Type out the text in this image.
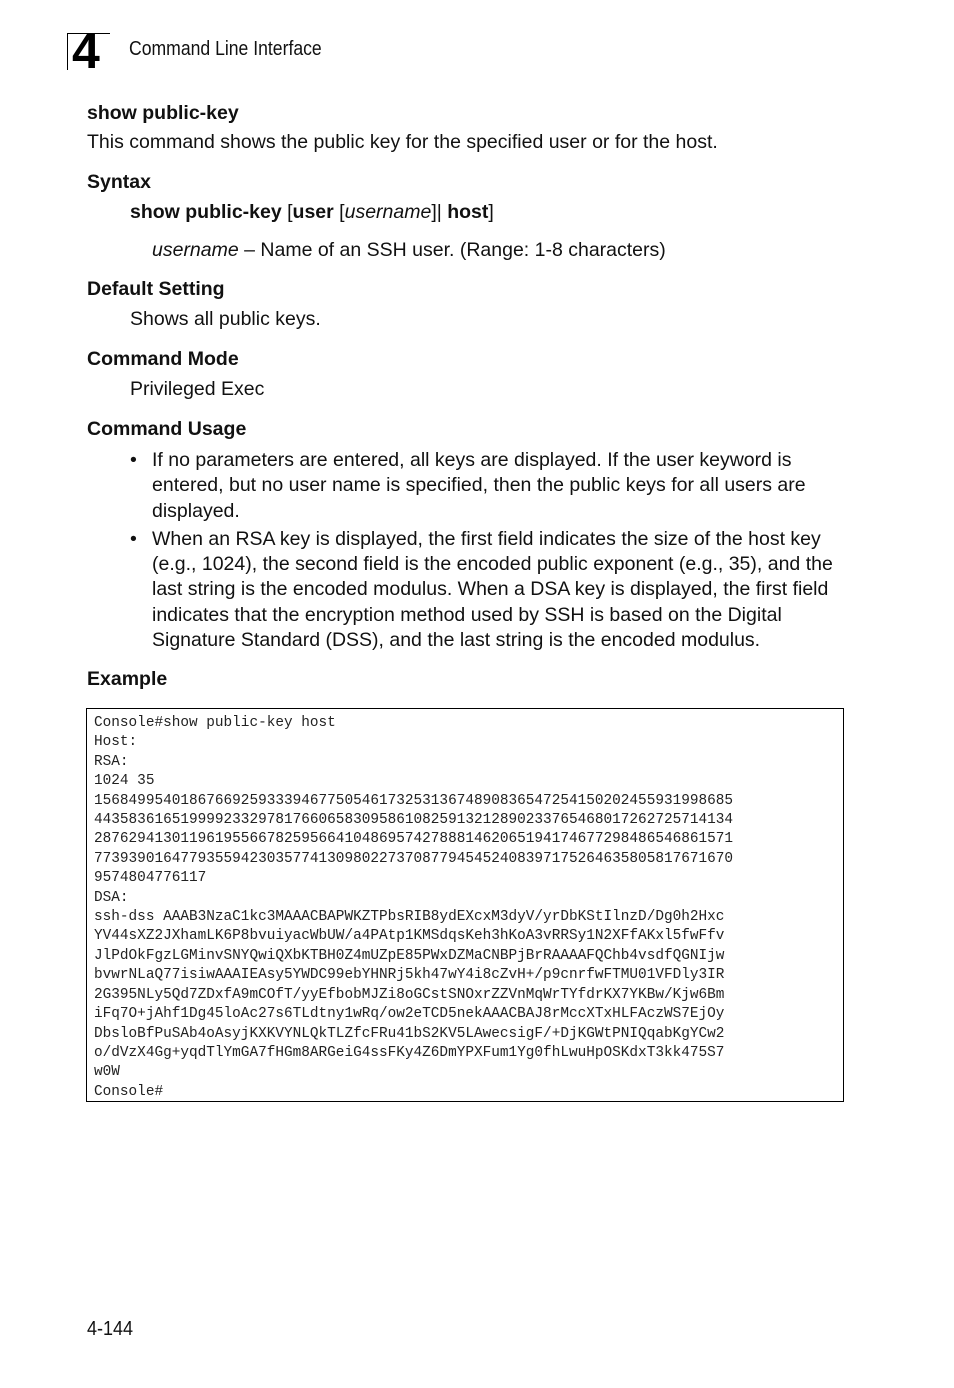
4 Command Line Interface
show public-key
This command shows the public key for the specified user or for the host.
Syntax
show public-key [user [username]| host]
username – Name of an SSH user. (Range: 1-8 characters)
Default Setting
Shows all public keys.
Command Mode
Privileged Exec
Command Usage
• If no parameters are entered, all keys are displayed. If the user keyword is entered, but no user name is specified, then the public keys for all users are displayed.
• When an RSA key is displayed, the first field indicates the size of the host key (e.g., 1024), the second field is the encoded public exponent (e.g., 35), and the last string is the encoded modulus. When a DSA key is displayed, the first field indicates that the encryption method used by SSH is based on the Digital Signature Standard (DSS), and the last string is the encoded modulus.
Example
Console#show public-key host
Host:
RSA:
1024 35
15684995401867669259333946775054617325313674890836547254150202455931998685
44358361651999923329781766065830958610825913212890233765468017262725714134
28762941301196195566782595664104869574278881462065194174677298486546861571
77393901647793559423035774130980227370877945452408397175264635805817671670
9574804776117
DSA:
ssh-dss AAAB3NzaC1kc3MAAACBAPWKZTPbsRIB8ydEXcxM3dyV/yrDbKStIlnzD/Dg0h2Hxc
YV44sXZ2JXhamLK6P8bvuiyacWbUW/a4PAtp1KMSdqsKeh3hKoA3vRRSy1N2XFfAKxl5fwFfv
JlPdOkFgzLGMinvSNYQwiQXbKTBH0Z4mUZpE85PWxDZMaCNBPjBrRAAAAFQChb4vsdfQGNIjw
bvwrNLaQ77isiwAAAIEAsy5YWDC99ebYHNRj5kh47wY4i8cZvH+/p9cnrfwFTMU01VFDly3IR
2G395NLy5Qd7ZDxfA9mCOfT/yyEfbobMJZi8oGCstSNOxrZZVnMqWrTYfdrKX7YKBw/Kjw6Bm
iFq7O+jAhf1Dg45loAc27s6TLdtny1wRq/ow2eTCD5nekAAACBAJ8rMccXTxHLFAczWS7EjOy
DbsloBfPuSAb4oAsyjKXKVYNLQkTLZfcFRu41bS2KV5LAwecsigF/+DjKGWtPNIQqabKgYCw2
o/dVzX4Gg+yqdTlYmGA7fHGm8ARGeiG4ssFKy4Z6DmYPXFum1Yg0fhLwuHpOSKdxT3kk475S7
w0W
Console#
4-144
